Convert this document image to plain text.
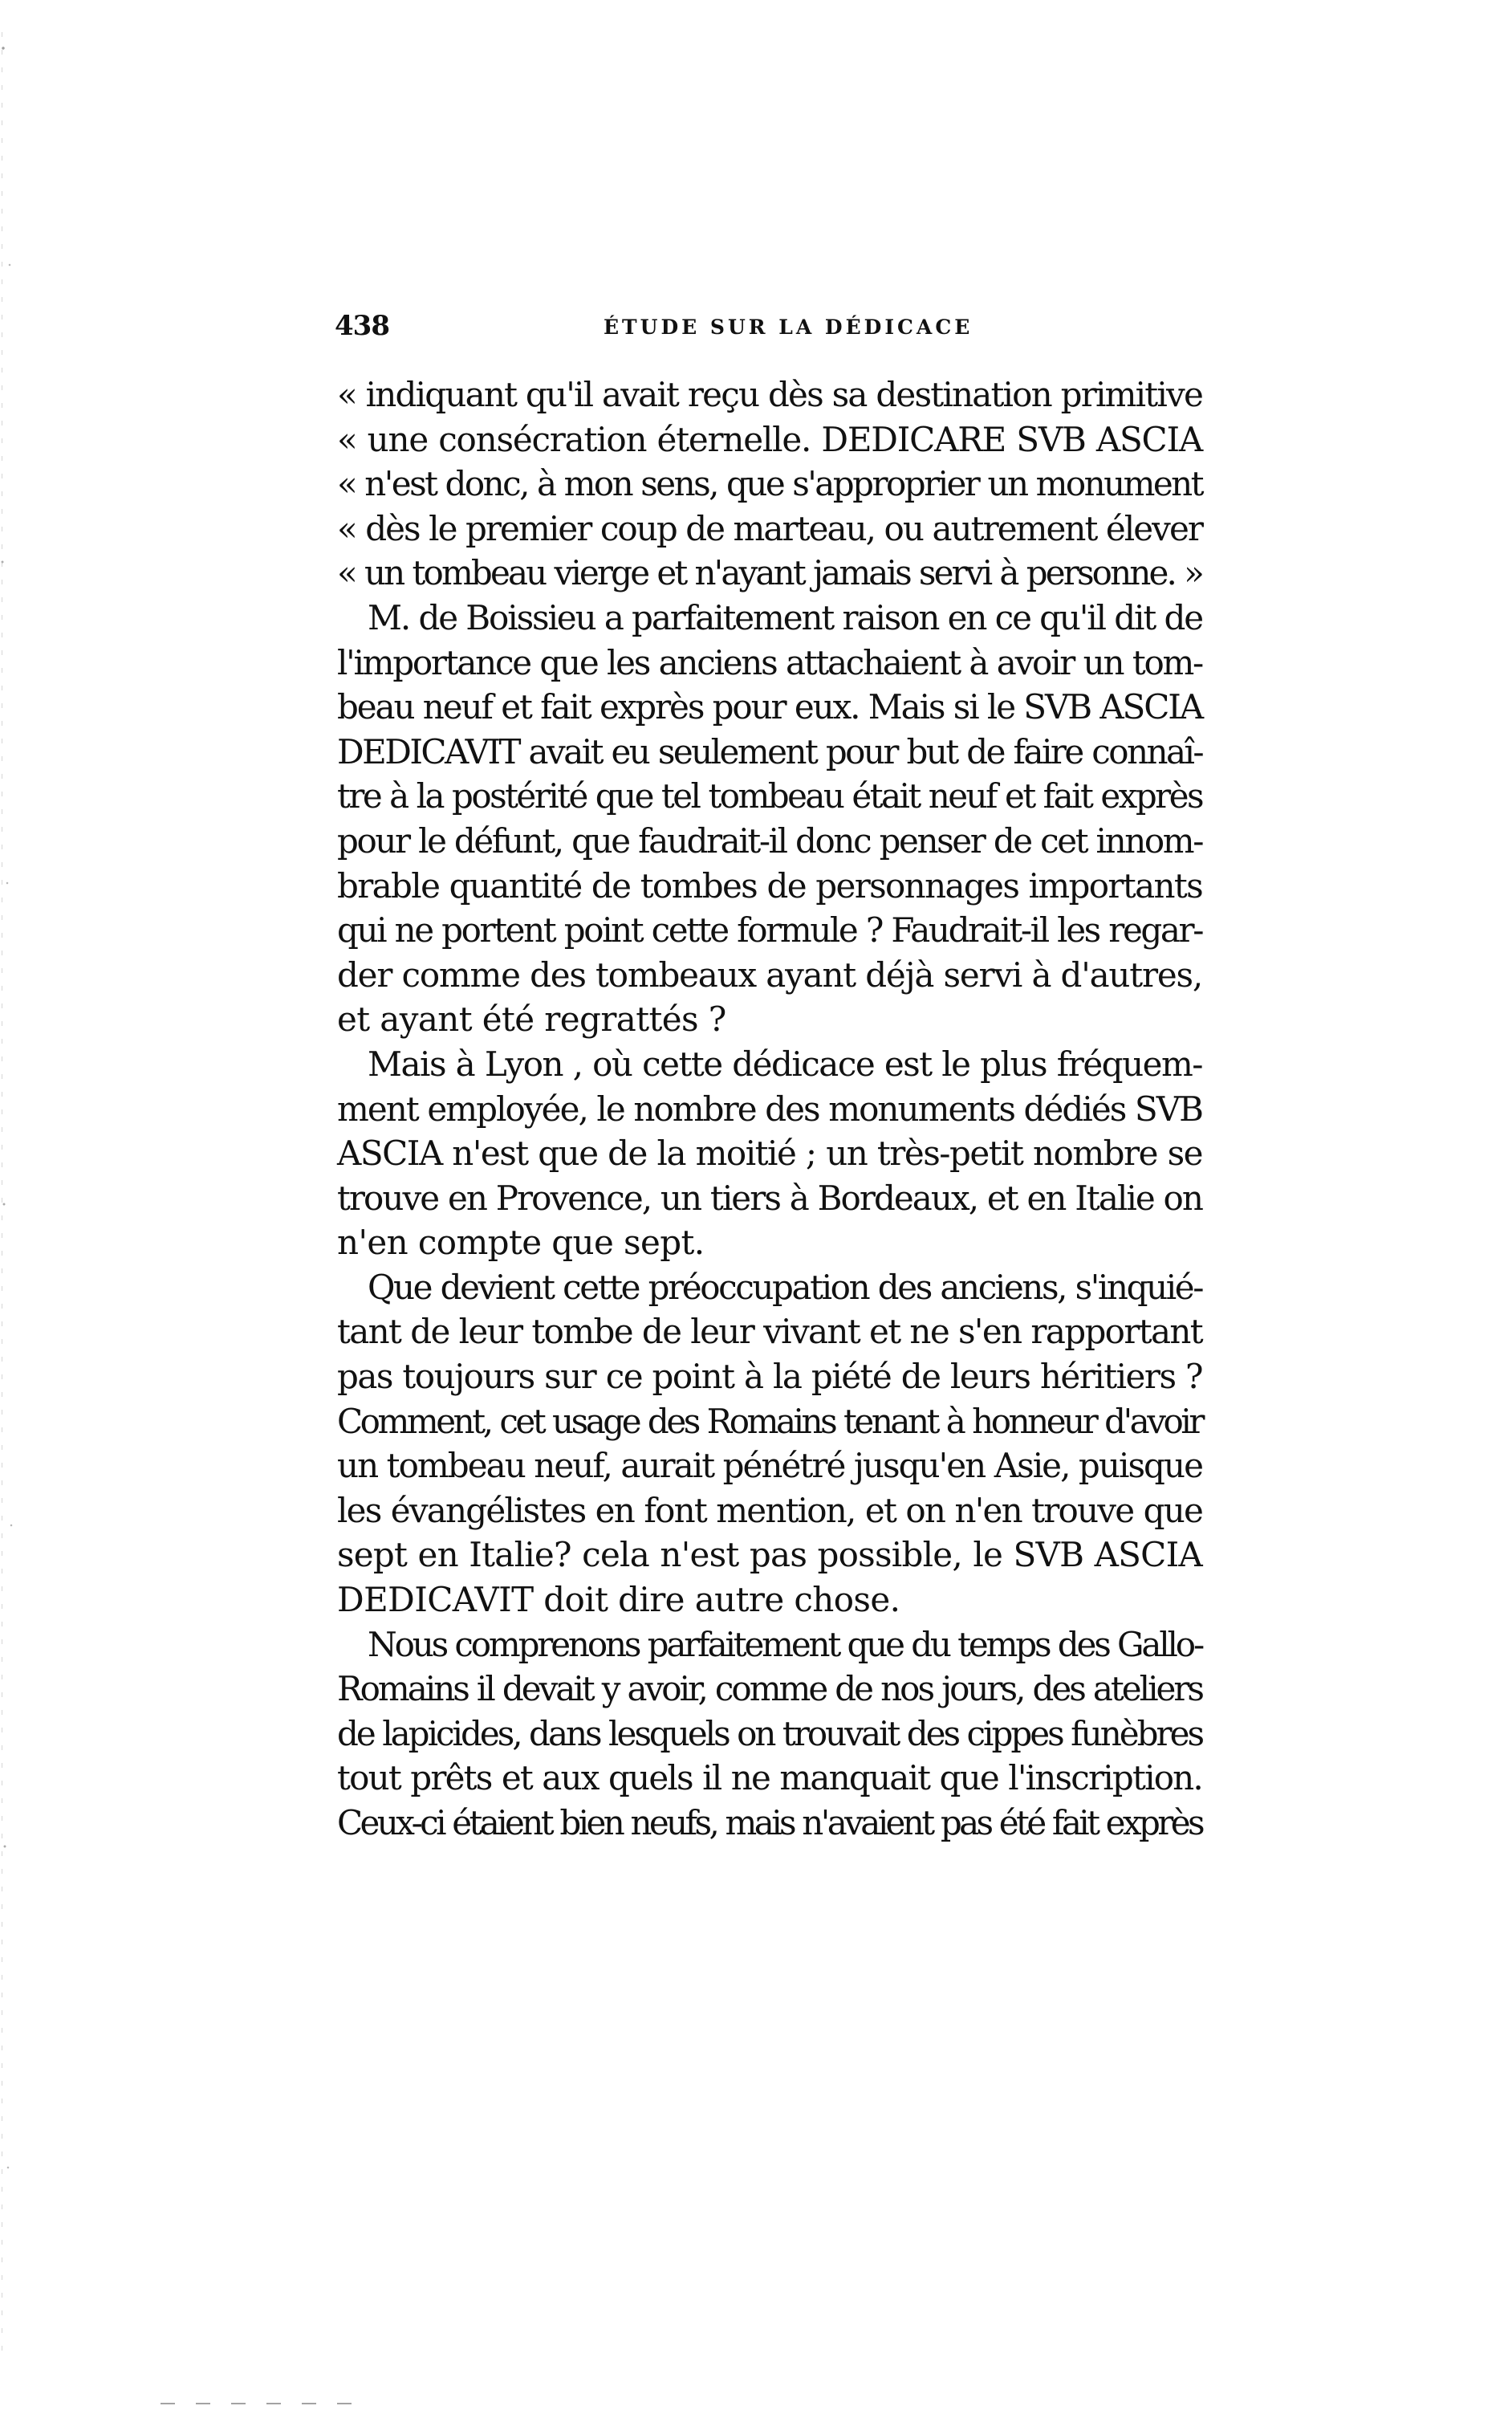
438	ÉTUDE SUR LA DÉDICACE
« indiquant qu'il avait reçu dès sa destination primitive
« une consécration éternelle. DEDICARE SVB ASCIA
« n'est donc, à mon sens, que s'approprier un monument
« dès le premier coup de marteau, ou autrement élever
« un tombeau vierge et n'ayant jamais servi à personne. »
M. de Boissieu a parfaitement raison en ce qu'il dit de
l'importance que les anciens attachaient à avoir un tom-
beau neuf et fait exprès pour eux. Mais si le SVB ASCIA
DEDICAVIT avait eu seulement pour but de faire connaî-
tre à la postérité que tel tombeau était neuf et fait exprès
pour le défunt, que faudrait-il donc penser de cet innom-
brable quantité de tombes de personnages importants
qui ne portent point cette formule ? Faudrait-il les regar-
der comme des tombeaux ayant déjà servi à d'autres,
et ayant été regrattés ?
Mais à Lyon , où cette dédicace est le plus fréquem-
ment employée, le nombre des monuments dédiés SVB
ASCIA n'est que de la moitié ; un très-petit nombre se
trouve en Provence, un tiers à Bordeaux, et en Italie on
n'en compte que sept.
Que devient cette préoccupation des anciens, s'inquié-
tant de leur tombe de leur vivant et ne s'en rapportant
pas toujours sur ce point à la piété de leurs héritiers ?
Comment, cet usage des Romains tenant à honneur d'avoir
un tombeau neuf, aurait pénétré jusqu'en Asie, puisque
les évangélistes en font mention, et on n'en trouve que
sept en Italie? cela n'est pas possible, le SVB ASCIA
DEDICAVIT doit dire autre chose.
Nous comprenons parfaitement que du temps des Gallo-
Romains il devait y avoir, comme de nos jours, des ateliers
de lapicides, dans lesquels on trouvait des cippes funèbres
tout prêts et aux quels il ne manquait que l'inscription.
Ceux-ci étaient bien neufs, mais n'avaient pas été fait exprès
